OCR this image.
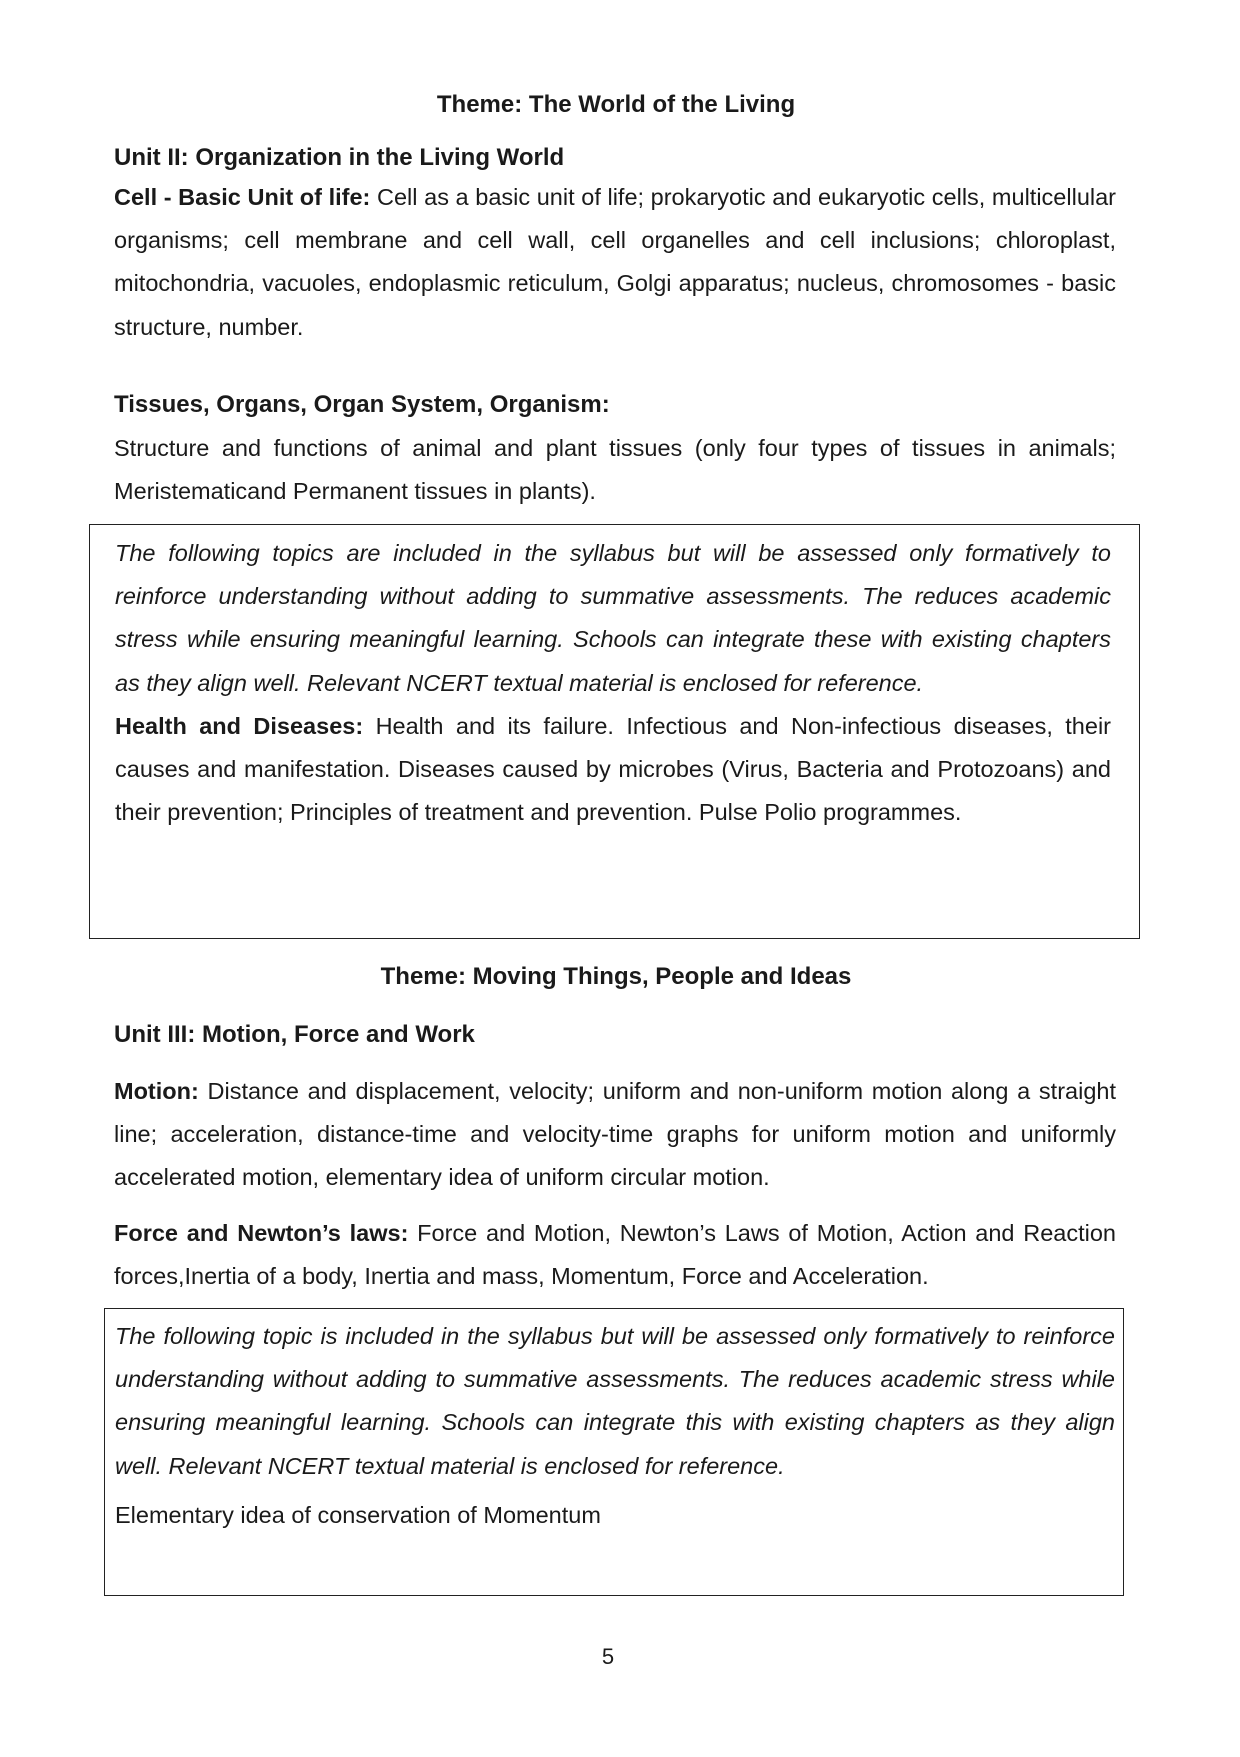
Theme: The World of the Living
Unit II: Organization in the Living World

Cell - Basic Unit of life: Cell as a basic unit of life; prokaryotic and eukaryotic cells, multicellular organisms; cell membrane and cell wall, cell organelles and cell inclusions; chloroplast, mitochondria, vacuoles, endoplasmic reticulum, Golgi apparatus; nucleus, chromosomes - basic structure, number.

Tissues, Organs, Organ System, Organism:

Structure and functions of animal and plant tissues (only four types of tissues in animals; Meristematicand Permanent tissues in plants).

The following topics are included in the syllabus but will be assessed only formatively to reinforce understanding without adding to summative assessments. The reduces academic stress while ensuring meaningful learning. Schools can integrate these with existing chapters as they align well. Relevant NCERT textual material is enclosed for reference.

Health and Diseases: Health and its failure. Infectious and Non-infectious diseases, their causes and manifestation. Diseases caused by microbes (Virus, Bacteria and Protozoans) and their prevention; Principles of treatment and prevention. Pulse Polio programmes.

Theme: Moving Things, People and Ideas
Unit III: Motion, Force and Work

Motion: Distance and displacement, velocity; uniform and non-uniform motion along a straight line; acceleration, distance-time and velocity-time graphs for uniform motion and uniformly accelerated motion, elementary idea of uniform circular motion.

Force and Newton’s laws: Force and Motion, Newton’s Laws of Motion, Action and Reaction forces,Inertia of a body, Inertia and mass, Momentum, Force and Acceleration.

The following topic is included in the syllabus but will be assessed only formatively to reinforce understanding without adding to summative assessments. The reduces academic stress while ensuring meaningful learning. Schools can integrate this with existing chapters as they align well. Relevant NCERT textual material is enclosed for reference.

Elementary idea of conservation of Momentum

5
